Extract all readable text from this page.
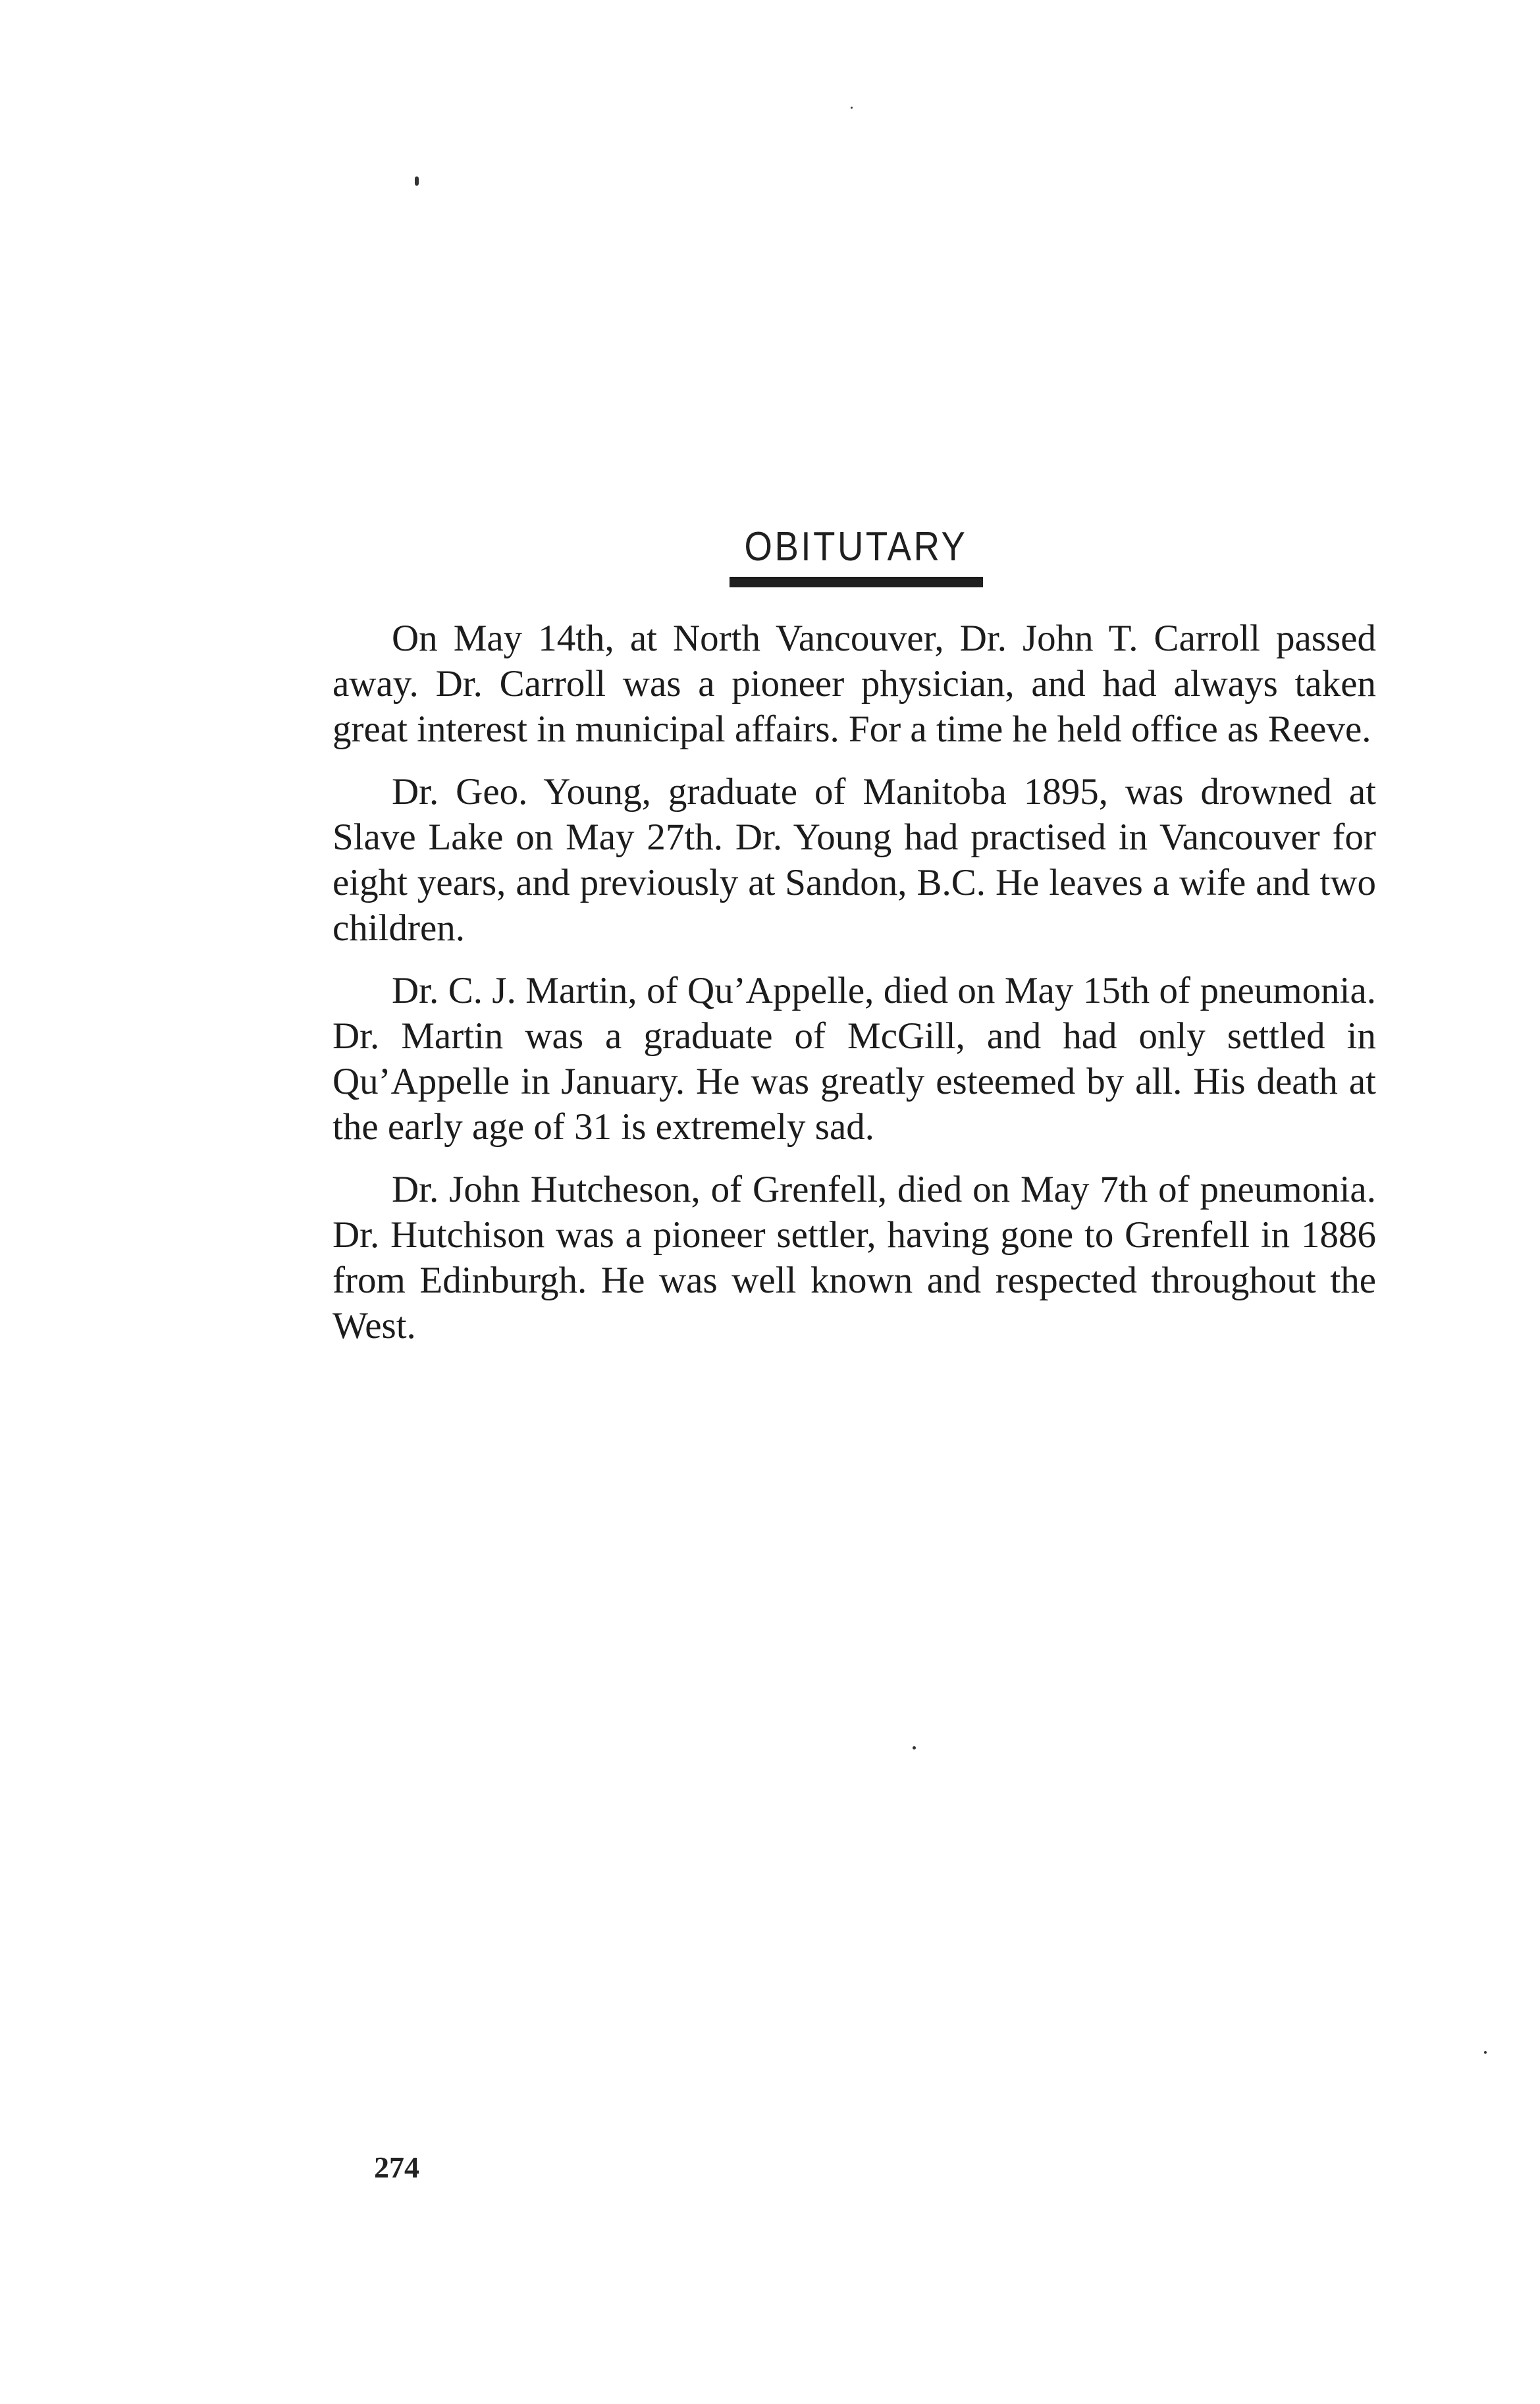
OBITUTARY

On May 14th, at North Vancouver, Dr. John T. Carroll passed away. Dr. Carroll was a pioneer physician, and had always taken great interest in municipal affairs. For a time he held office as Reeve.

Dr. Geo. Young, graduate of Manitoba 1895, was drowned at Slave Lake on May 27th. Dr. Young had practised in Vancouver for eight years, and previously at Sandon, B.C. He leaves a wife and two children.

Dr. C. J. Martin, of Qu’Appelle, died on May 15th of pneumonia. Dr. Martin was a graduate of McGill, and had only settled in Qu’Appelle in January. He was greatly esteemed by all. His death at the early age of 31 is extremely sad.

Dr. John Hutcheson, of Grenfell, died on May 7th of pneumonia. Dr. Hutchison was a pioneer settler, having gone to Grenfell in 1886 from Edinburgh. He was well known and respected throughout the West.

274
